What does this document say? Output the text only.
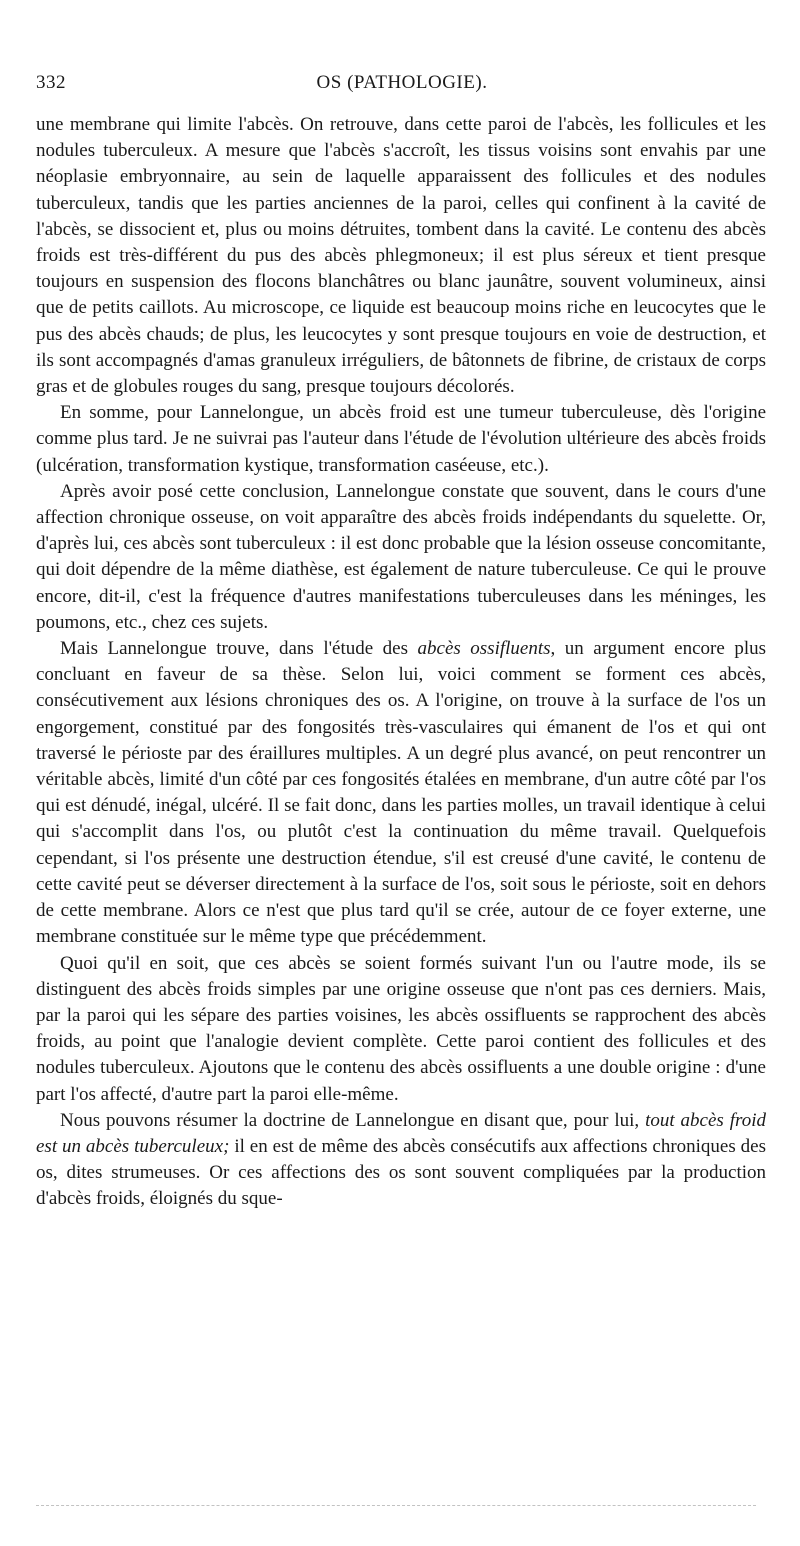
332	OS (PATHOLOGIE).

une membrane qui limite l'abcès. On retrouve, dans cette paroi de l'abcès, les follicules et les nodules tuberculeux. A mesure que l'abcès s'accroît, les tissus voisins sont envahis par une néoplasie embryonnaire, au sein de laquelle apparaissent des follicules et des nodules tuberculeux, tandis que les parties anciennes de la paroi, celles qui confinent à la cavité de l'abcès, se dissocient et, plus ou moins détruites, tombent dans la cavité. Le contenu des abcès froids est très-différent du pus des abcès phlegmoneux; il est plus séreux et tient presque toujours en suspension des flocons blanchâtres ou blanc jaunâtre, souvent volumineux, ainsi que de petits caillots. Au microscope, ce liquide est beaucoup moins riche en leucocytes que le pus des abcès chauds; de plus, les leucocytes y sont presque toujours en voie de destruction, et ils sont accompagnés d'amas granuleux irréguliers, de bâtonnets de fibrine, de cristaux de corps gras et de globules rouges du sang, presque toujours décolorés.

En somme, pour Lannelongue, un abcès froid est une tumeur tuberculeuse, dès l'origine comme plus tard. Je ne suivrai pas l'auteur dans l'étude de l'évolution ultérieure des abcès froids (ulcération, transformation kystique, transformation caséeuse, etc.).

Après avoir posé cette conclusion, Lannelongue constate que souvent, dans le cours d'une affection chronique osseuse, on voit apparaître des abcès froids indépendants du squelette. Or, d'après lui, ces abcès sont tuberculeux : il est donc probable que la lésion osseuse concomitante, qui doit dépendre de la même diathèse, est également de nature tuberculeuse. Ce qui le prouve encore, dit-il, c'est la fréquence d'autres manifestations tuberculeuses dans les méninges, les poumons, etc., chez ces sujets.

Mais Lannelongue trouve, dans l'étude des abcès ossifluents, un argument encore plus concluant en faveur de sa thèse. Selon lui, voici comment se forment ces abcès, consécutivement aux lésions chroniques des os. A l'origine, on trouve à la surface de l'os un engorgement, constitué par des fongosités très-vasculaires qui émanent de l'os et qui ont traversé le périoste par des éraillures multiples. A un degré plus avancé, on peut rencontrer un véritable abcès, limité d'un côté par ces fongosités étalées en membrane, d'un autre côté par l'os qui est dénudé, inégal, ulcéré. Il se fait donc, dans les parties molles, un travail identique à celui qui s'accomplit dans l'os, ou plutôt c'est la continuation du même travail. Quelquefois cependant, si l'os présente une destruction étendue, s'il est creusé d'une cavité, le contenu de cette cavité peut se déverser directement à la surface de l'os, soit sous le périoste, soit en dehors de cette membrane. Alors ce n'est que plus tard qu'il se crée, autour de ce foyer externe, une membrane constituée sur le même type que précédemment.

Quoi qu'il en soit, que ces abcès se soient formés suivant l'un ou l'autre mode, ils se distinguent des abcès froids simples par une origine osseuse que n'ont pas ces derniers. Mais, par la paroi qui les sépare des parties voisines, les abcès ossifluents se rapprochent des abcès froids, au point que l'analogie devient complète. Cette paroi contient des follicules et des nodules tuberculeux. Ajoutons que le contenu des abcès ossifluents a une double origine : d'une part l'os affecté, d'autre part la paroi elle-même.

Nous pouvons résumer la doctrine de Lannelongue en disant que, pour lui, tout abcès froid est un abcès tuberculeux; il en est de même des abcès consécutifs aux affections chroniques des os, dites strumeuses. Or ces affections des os sont souvent compliquées par la production d'abcès froids, éloignés du sque-
